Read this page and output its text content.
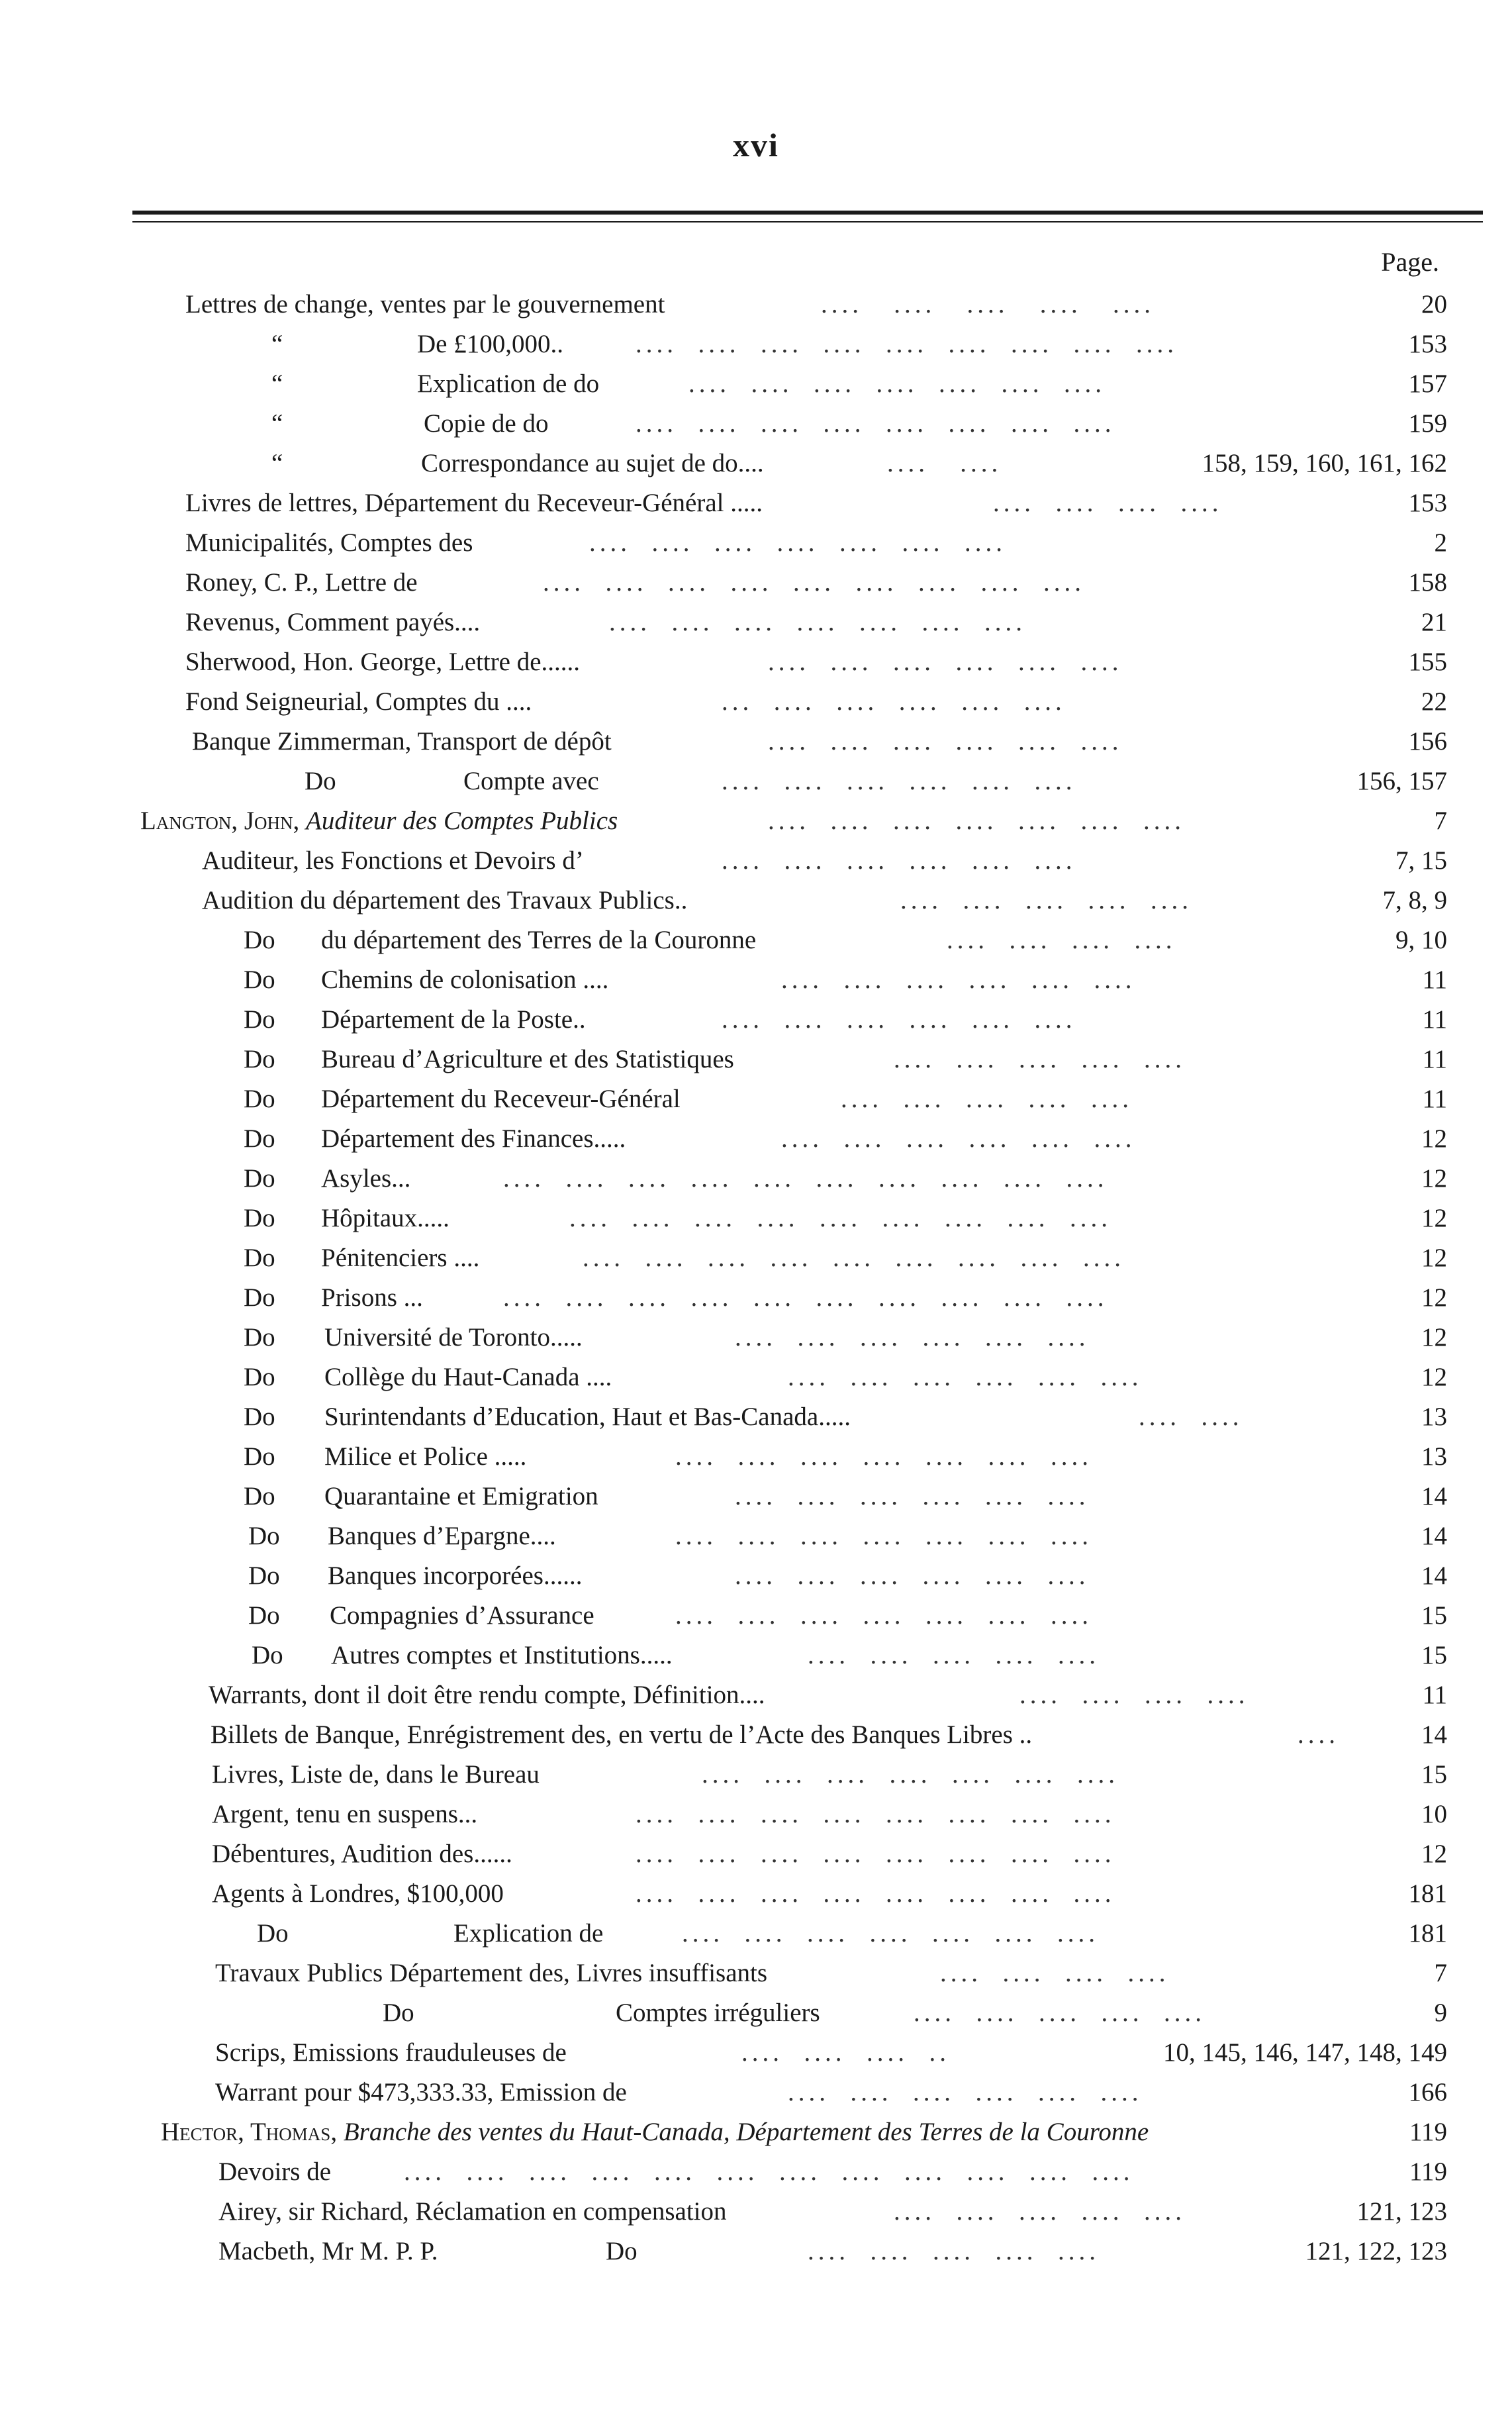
xvi
Page.
Lettres de change, ventes par le gouvernement	....   ....   ....   ....   ....	20
“	De £100,000..	....  ....  ....  ....  ....  ....  ....  ....  ....	153
“	Explication de do	....  ....  ....  ....  ....  ....  ....	157
“	Copie de do	....  ....  ....  ....  ....  ....  ....  ....	159
“	Correspondance au sujet de do....	....   ....	158, 159, 160, 161, 162
Livres de lettres, Département du Receveur-Général .....	....  ....  ....  ....	153
Municipalités, Comptes des	....  ....  ....  ....  ....  ....  ....	2
Roney, C. P., Lettre de	....  ....  ....  ....  ....  ....  ....  ....  ....	158
Revenus, Comment payés....	....  ....  ....  ....  ....  ....  ....	21
Sherwood, Hon. George, Lettre de......	....  ....  ....  ....  ....  ....	155
Fond Seigneurial, Comptes du ....	...  ....  ....  ....  ....  ....	22
Banque Zimmerman, Transport de dépôt	....  ....  ....  ....  ....  ....	156
Do	Compte avec	....  ....  ....  ....  ....  ....	156, 157
Langton, John, Auditeur des Comptes Publics	....  ....  ....  ....  ....  ....  ....	7
Auditeur, les Fonctions et Devoirs d’	....  ....  ....  ....  ....  ....	7, 15
Audition du département des Travaux Publics..	....  ....  ....  ....  ....	7, 8, 9
Do du département des Terres de la Couronne	....  ....  ....  ....	9, 10
Do Chemins de colonisation ....	....  ....  ....  ....  ....  ....	11
Do Département de la Poste..	....  ....  ....  ....  ....  ....	11
Do Bureau d’Agriculture et des Statistiques	....  ....  ....  ....  ....	11
Do Département du Receveur-Général	....  ....  ....  ....  ....	11
Do Département des Finances.....	....  ....  ....  ....  ....  ....	12
Do Asyles...	....  ....  ....  ....  ....  ....  ....  ....  ....  ....	12
Do Hôpitaux.....	....  ....  ....  ....  ....  ....  ....  ....  ....	12
Do Pénitenciers ....	....  ....  ....  ....  ....  ....  ....  ....  ....	12
Do Prisons ...	....  ....  ....  ....  ....  ....  ....  ....  ....  ....	12
Do Université de Toronto.....	....  ....  ....  ....  ....  ....	12
Do Collège du Haut-Canada ....	....  ....  ....  ....  ....  ....	12
Do Surintendants d’Education, Haut et Bas-Canada.....	....  ....	13
Do Milice et Police .....	....  ....  ....  ....  ....  ....  ....	13
Do Quarantaine et Emigration	....  ....  ....  ....  ....  ....	14
Do Banques d’Epargne....	....  ....  ....  ....  ....  ....  ....	14
Do Banques incorporées......	....  ....  ....  ....  ....  ....	14
Do Compagnies d’Assurance	....  ....  ....  ....  ....  ....  ....	15
Do Autres comptes et Institutions.....	....  ....  ....  ....  ....	15
Warrants, dont il doit être rendu compte, Définition....	....  ....  ....  ....	11
Billets de Banque, Enrégistrement des, en vertu de l’Acte des Banques Libres ..	....	14
Livres, Liste de, dans le Bureau	....  ....  ....  ....  ....  ....  ....	15
Argent, tenu en suspens...	....  ....  ....  ....  ....  ....  ....  ....	10
Débentures, Audition des......	....  ....  ....  ....  ....  ....  ....  ....	12
Agents à Londres, $100,000	....  ....  ....  ....  ....  ....  ....  ....	181
Do	Explication de	....  ....  ....  ....  ....  ....  ....	181
Travaux Publics Département des, Livres insuffisants	....  ....  ....  ....	7
Do	Comptes irréguliers	....  ....  ....  ....  ....	9
Scrips, Emissions frauduleuses de	....  ....  ....  ..	10, 145, 146, 147, 148, 149
Warrant pour $473,333.33, Emission de	....  ....  ....  ....  ....  ....	166
Hector, Thomas, Branche des ventes du Haut-Canada, Département des Terres de la Couronne	119
Devoirs de	....  ....  ....  ....  ....  ....  ....  ....  ....  ....  ....  ....	119
Airey, sir Richard, Réclamation en compensation	....  ....  ....  ....  ....	121, 123
Macbeth, Mr M. P. P.	Do	....  ....  ....  ....  ....	121, 122, 123
